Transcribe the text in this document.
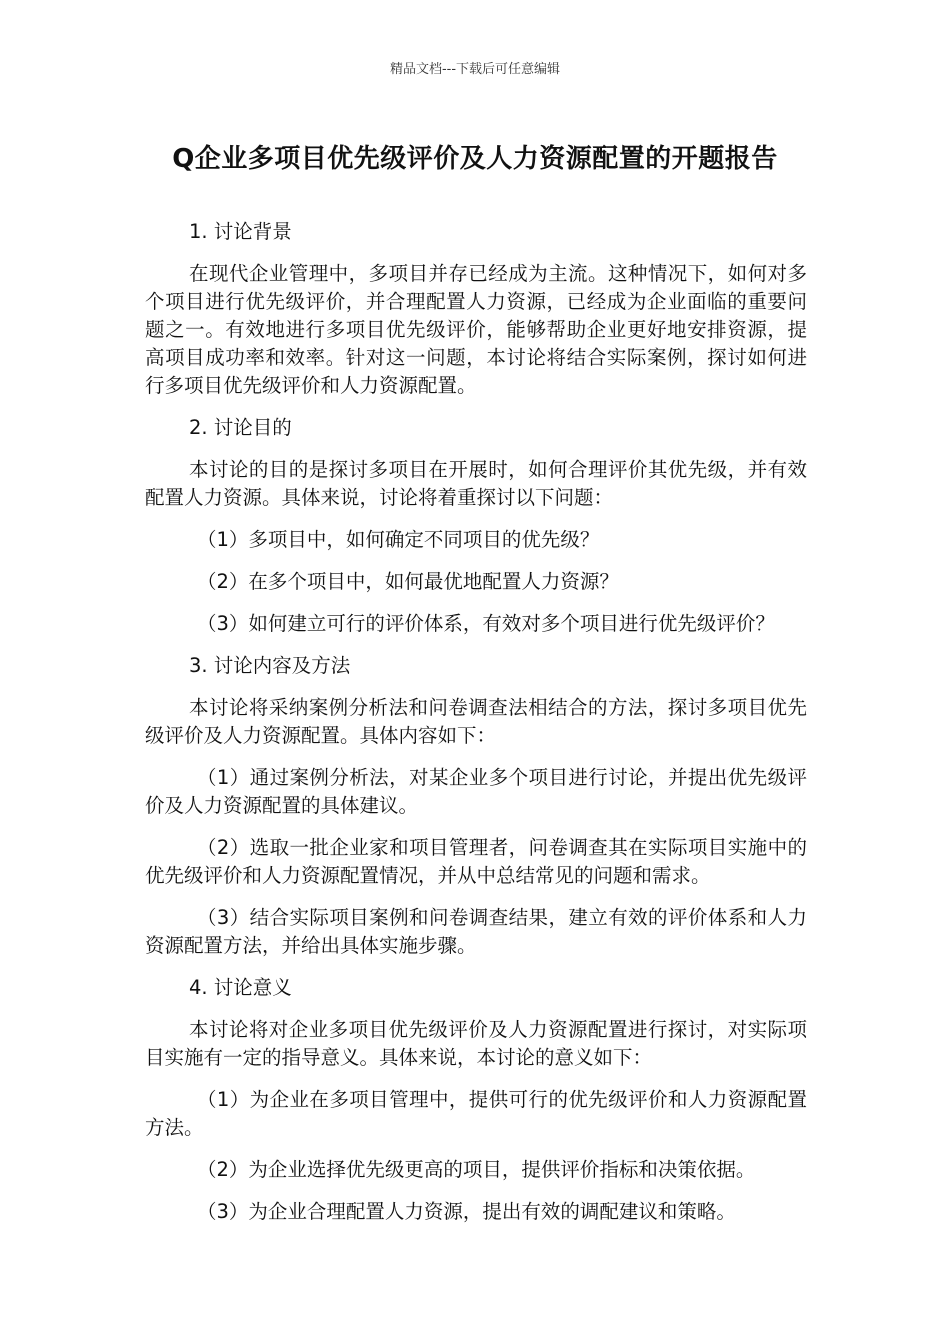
精品文档---下载后可任意编辑
Q企业多项目优先级评价及人力资源配置的开题报告

1. 讨论背景

在现代企业管理中，多项目并存已经成为主流。这种情况下，如何对多个项目进行优先级评价，并合理配置人力资源，已经成为企业面临的重要问题之一。有效地进行多项目优先级评价，能够帮助企业更好地安排资源，提高项目成功率和效率。针对这一问题，本讨论将结合实际案例，探讨如何进行多项目优先级评价和人力资源配置。

2. 讨论目的

本讨论的目的是探讨多项目在开展时，如何合理评价其优先级，并有效配置人力资源。具体来说，讨论将着重探讨以下问题：

（1）多项目中，如何确定不同项目的优先级？

（2）在多个项目中，如何最优地配置人力资源？

（3）如何建立可行的评价体系，有效对多个项目进行优先级评价？

3. 讨论内容及方法

本讨论将采纳案例分析法和问卷调查法相结合的方法，探讨多项目优先级评价及人力资源配置。具体内容如下：

（1）通过案例分析法，对某企业多个项目进行讨论，并提出优先级评价及人力资源配置的具体建议。

（2）选取一批企业家和项目管理者，问卷调查其在实际项目实施中的优先级评价和人力资源配置情况，并从中总结常见的问题和需求。

（3）结合实际项目案例和问卷调查结果，建立有效的评价体系和人力资源配置方法，并给出具体实施步骤。

4. 讨论意义

本讨论将对企业多项目优先级评价及人力资源配置进行探讨，对实际项目实施有一定的指导意义。具体来说，本讨论的意义如下：

（1）为企业在多项目管理中，提供可行的优先级评价和人力资源配置方法。

（2）为企业选择优先级更高的项目，提供评价指标和决策依据。

（3）为企业合理配置人力资源，提出有效的调配建议和策略。
